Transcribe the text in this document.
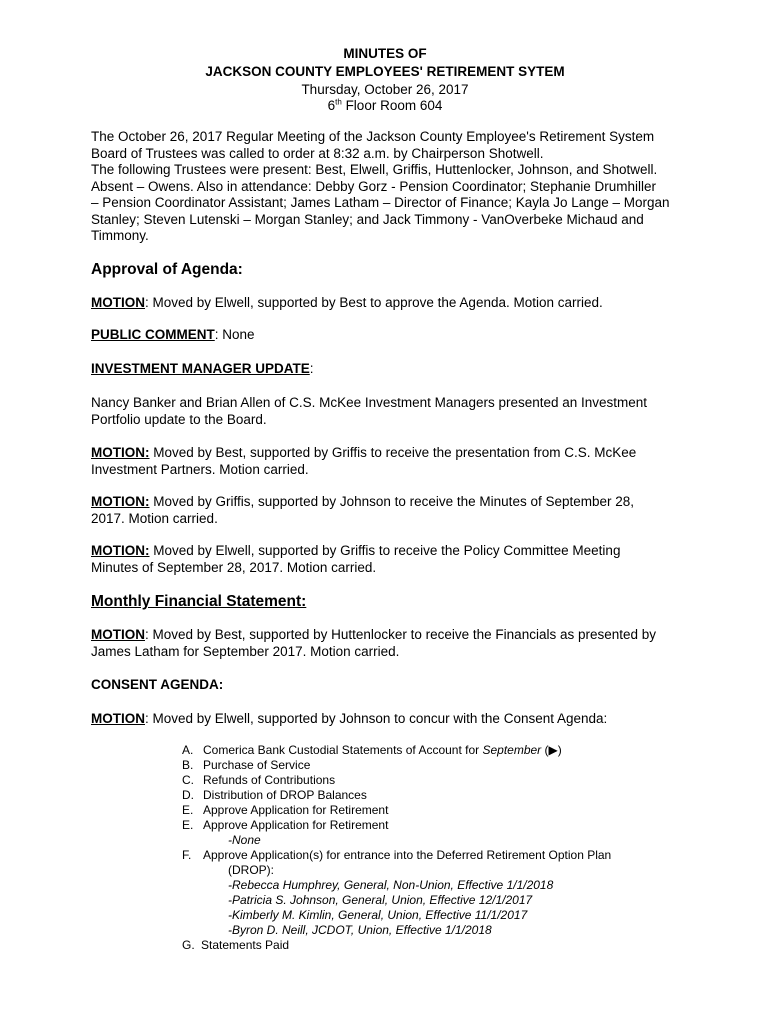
MINUTES OF
JACKSON COUNTY EMPLOYEES' RETIREMENT SYTEM
Thursday, October 26, 2017
6th Floor Room 604
The October 26, 2017 Regular Meeting of the Jackson County Employee's Retirement System
Board of Trustees was called to order at 8:32 a.m. by Chairperson Shotwell.
The following Trustees were present: Best, Elwell, Griffis, Huttenlocker, Johnson, and Shotwell.
Absent – Owens. Also in attendance: Debby Gorz - Pension Coordinator; Stephanie Drumhiller
– Pension Coordinator Assistant; James Latham – Director of Finance; Kayla Jo Lange – Morgan
Stanley; Steven Lutenski – Morgan Stanley; and Jack Timmony - VanOverbeke Michaud and
Timmony.
Approval of Agenda:
MOTION: Moved by Elwell, supported by Best to approve the Agenda. Motion carried.
PUBLIC COMMENT: None
INVESTMENT MANAGER UPDATE:
Nancy Banker and Brian Allen of C.S. McKee Investment Managers presented an Investment
Portfolio update to the Board.
MOTION: Moved by Best, supported by Griffis to receive the presentation from C.S. McKee
Investment Partners. Motion carried.
MOTION: Moved by Griffis, supported by Johnson to receive the Minutes of September 28,
2017. Motion carried.
MOTION: Moved by Elwell, supported by Griffis to receive the Policy Committee Meeting
Minutes of September 28, 2017. Motion carried.
Monthly Financial Statement:
MOTION: Moved by Best, supported by Huttenlocker to receive the Financials as presented by
James Latham for September 2017. Motion carried.
CONSENT AGENDA:
MOTION: Moved by Elwell, supported by Johnson to concur with the Consent Agenda:
A. Comerica Bank Custodial Statements of Account for September (▶)
B. Purchase of Service
C. Refunds of Contributions
D. Distribution of DROP Balances
E. Approve Application for Retirement
E. Approve Application for Retirement
-None
F. Approve Application(s) for entrance into the Deferred Retirement Option Plan
(DROP):
-Rebecca Humphrey, General, Non-Union, Effective 1/1/2018
-Patricia S. Johnson, General, Union, Effective 12/1/2017
-Kimberly M. Kimlin, General, Union, Effective 11/1/2017
-Byron D. Neill, JCDOT, Union, Effective 1/1/2018
G. Statements Paid
